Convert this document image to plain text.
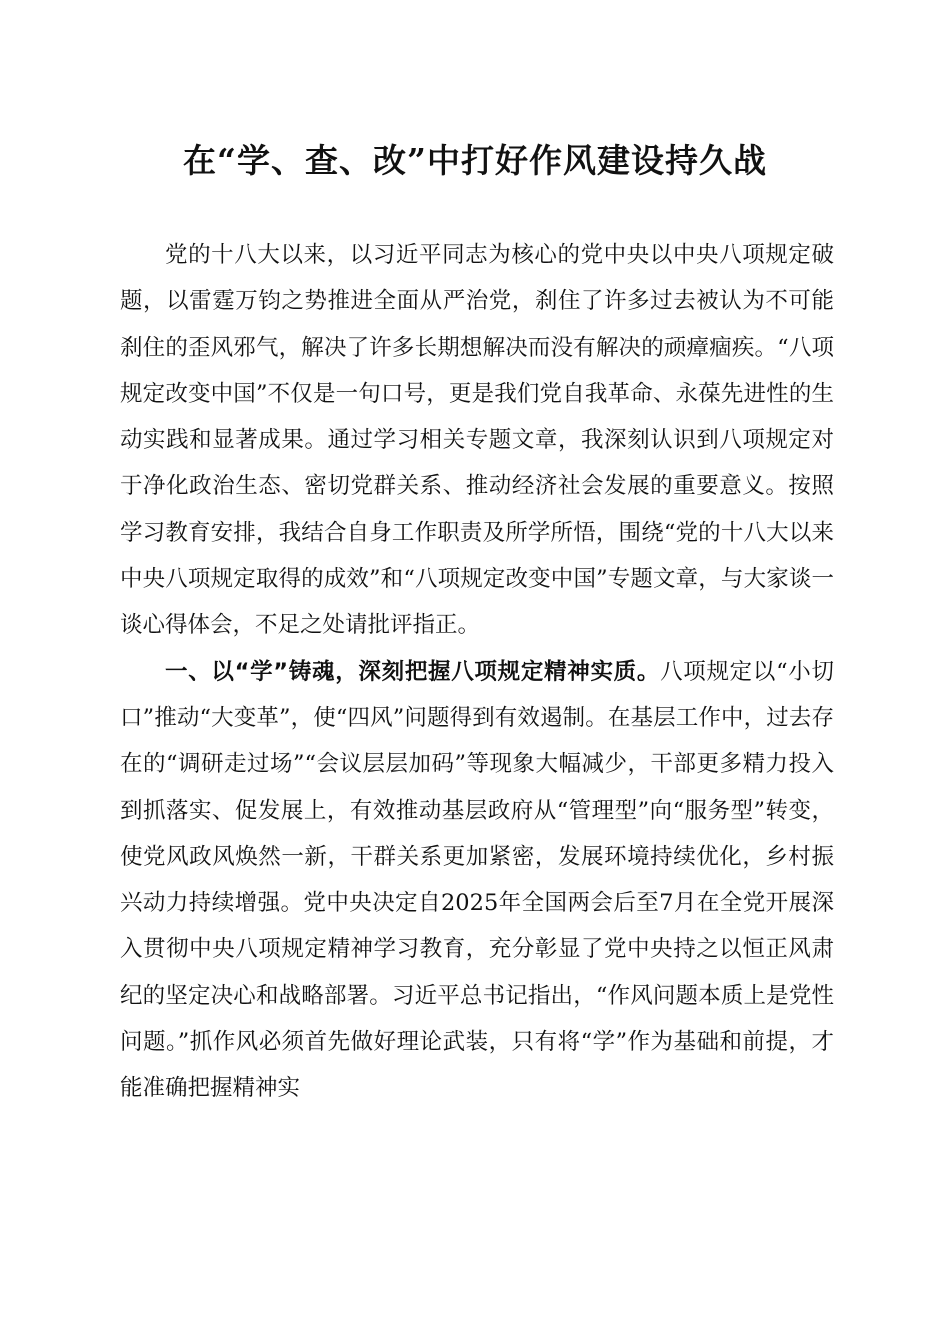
在“学、查、改”中打好作风建设持久战

党的十八大以来，以习近平同志为核心的党中央以中央八项规定破题，以雷霆万钧之势推进全面从严治党，刹住了许多过去被认为不可能刹住的歪风邪气，解决了许多长期想解决而没有解决的顽瘴痼疾。“八项规定改变中国”不仅是一句口号，更是我们党自我革命、永葆先进性的生动实践和显著成果。通过学习相关专题文章，我深刻认识到八项规定对于净化政治生态、密切党群关系、推动经济社会发展的重要意义。按照学习教育安排，我结合自身工作职责及所学所悟，围绕“党的十八大以来中央八项规定取得的成效”和“八项规定改变中国”专题文章，与大家谈一谈心得体会，不足之处请批评指正。

一、以“学”铸魂，深刻把握八项规定精神实质。八项规定以“小切口”推动“大变革”，使“四风”问题得到有效遏制。在基层工作中，过去存在的“调研走过场”“会议层层加码”等现象大幅减少，干部更多精力投入到抓落实、促发展上，有效推动基层政府从“管理型”向“服务型”转变，使党风政风焕然一新，干群关系更加紧密，发展环境持续优化，乡村振兴动力持续增强。党中央决定自2025年全国两会后至7月在全党开展深入贯彻中央八项规定精神学习教育，充分彰显了党中央持之以恒正风肃纪的坚定决心和战略部署。习近平总书记指出，“作风问题本质上是党性问题。”抓作风必须首先做好理论武装，只有将“学”作为基础和前提，才能准确把握精神实
